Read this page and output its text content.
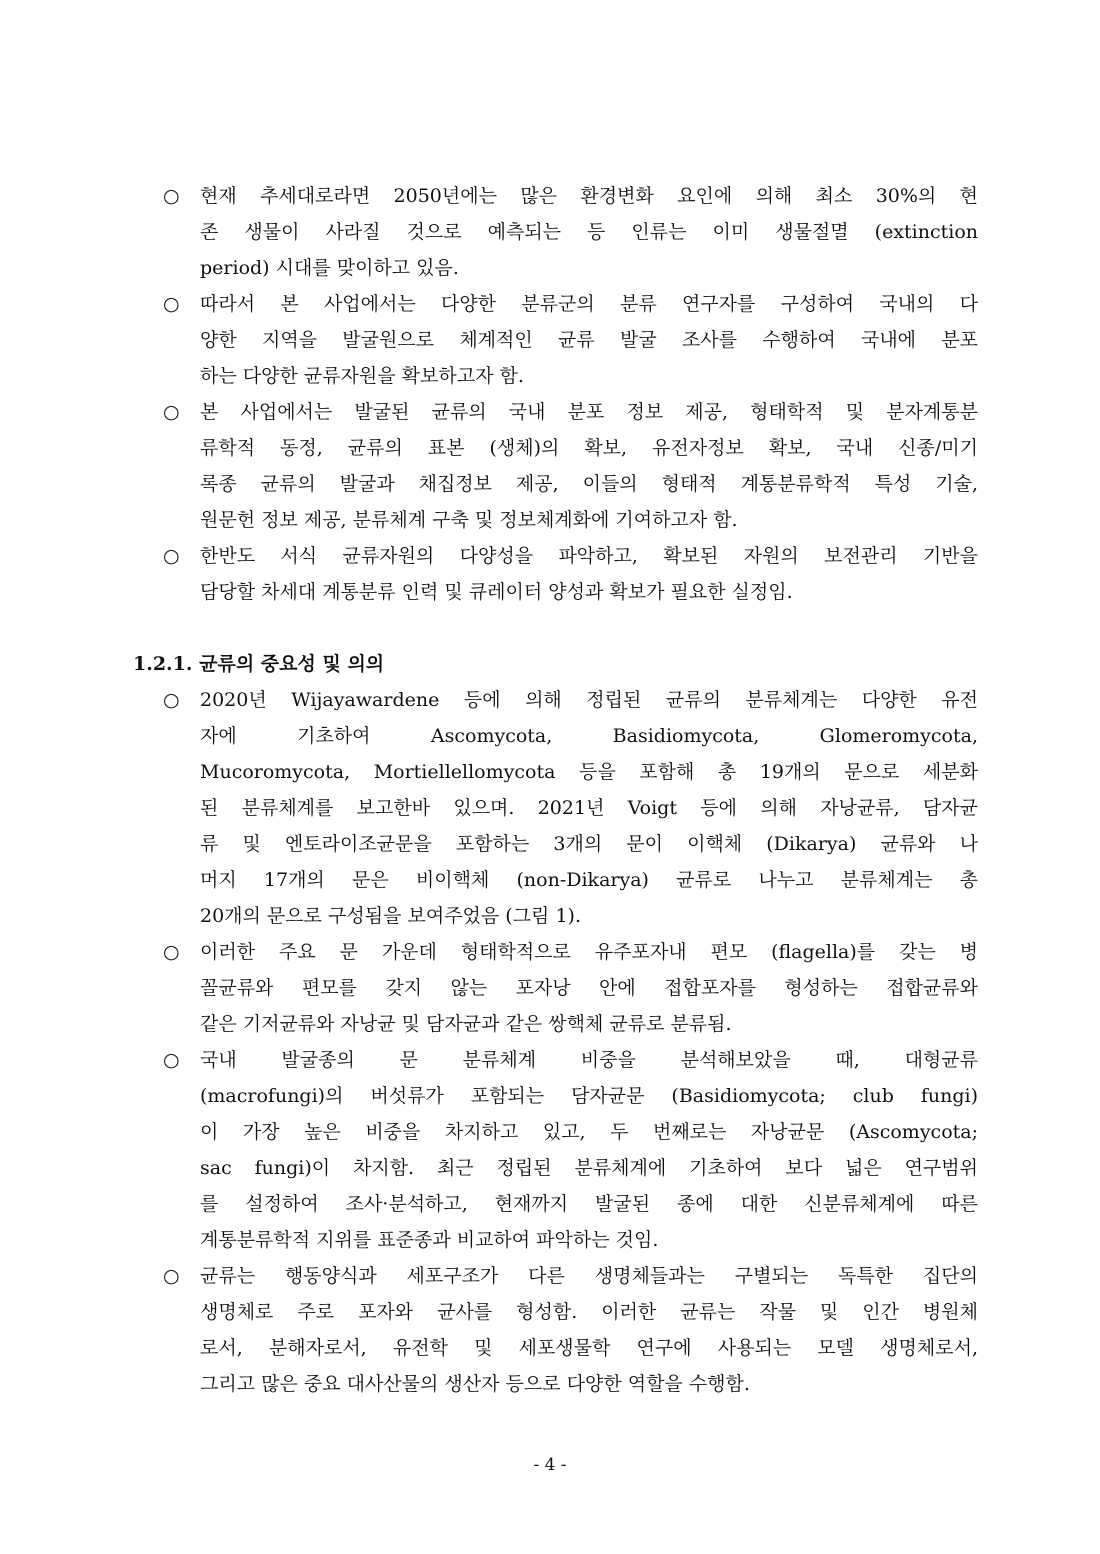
○ 현재 추세대로라면 2050년에는 많은 환경변화 요인에 의해 최소 30%의 현
존 생물이 사라질 것으로 예측되는 등 인류는 이미 생물절멸 (extinction
period) 시대를 맞이하고 있음.
○ 따라서 본 사업에서는 다양한 분류군의 분류 연구자를 구성하여 국내의 다
양한 지역을 발굴원으로 체계적인 균류 발굴 조사를 수행하여 국내에 분포
하는 다양한 균류자원을 확보하고자 함.
○ 본 사업에서는 발굴된 균류의 국내 분포 정보 제공, 형태학적 및 분자계통분
류학적 동정, 균류의 표본 (생체)의 확보, 유전자정보 확보, 국내 신종/미기
록종 균류의 발굴과 채집정보 제공, 이들의 형태적 계통분류학적 특성 기술,
원문헌 정보 제공, 분류체계 구축 및 정보체계화에 기여하고자 함.
○ 한반도 서식 균류자원의 다양성을 파악하고, 확보된 자원의 보전관리 기반을
담당할 차세대 계통분류 인력 및 큐레이터 양성과 확보가 필요한 실정임.
1.2.1. 균류의 중요성 및 의의
○ 2020년 Wijayawardene 등에 의해 정립된 균류의 분류체계는 다양한 유전
자에 기초하여 Ascomycota, Basidiomycota, Glomeromycota,
Mucoromycota, Mortiellellomycota 등을 포함해 총 19개의 문으로 세분화
된 분류체계를 보고한바 있으며. 2021년 Voigt 등에 의해 자낭균류, 담자균
류 및 엔토라이조균문을 포함하는 3개의 문이 이핵체 (Dikarya) 균류와 나
머지 17개의 문은 비이핵체 (non-Dikarya) 균류로 나누고 분류체계는 총
20개의 문으로 구성됨을 보여주었음 (그림 1).
○ 이러한 주요 문 가운데 형태학적으로 유주포자내 편모 (flagella)를 갖는 병
꼴균류와 편모를 갖지 않는 포자낭 안에 접합포자를 형성하는 접합균류와
같은 기저균류와 자낭균 및 담자균과 같은 쌍핵체 균류로 분류됨.
○ 국내 발굴종의 문 분류체계 비중을 분석해보았을 때, 대형균류
(macrofungi)의 버섯류가 포함되는 담자균문 (Basidiomycota; club fungi)
이 가장 높은 비중을 차지하고 있고, 두 번째로는 자낭균문 (Ascomycota;
sac fungi)이 차지함. 최근 정립된 분류체계에 기초하여 보다 넓은 연구범위
를 설정하여 조사·분석하고, 현재까지 발굴된 종에 대한 신분류체계에 따른
계통분류학적 지위를 표준종과 비교하여 파악하는 것임.
○ 균류는 행동양식과 세포구조가 다른 생명체들과는 구별되는 독특한 집단의
생명체로 주로 포자와 균사를 형성함. 이러한 균류는 작물 및 인간 병원체
로서, 분해자로서, 유전학 및 세포생물학 연구에 사용되는 모델 생명체로서,
그리고 많은 중요 대사산물의 생산자 등으로 다양한 역할을 수행함.
- 4 -
